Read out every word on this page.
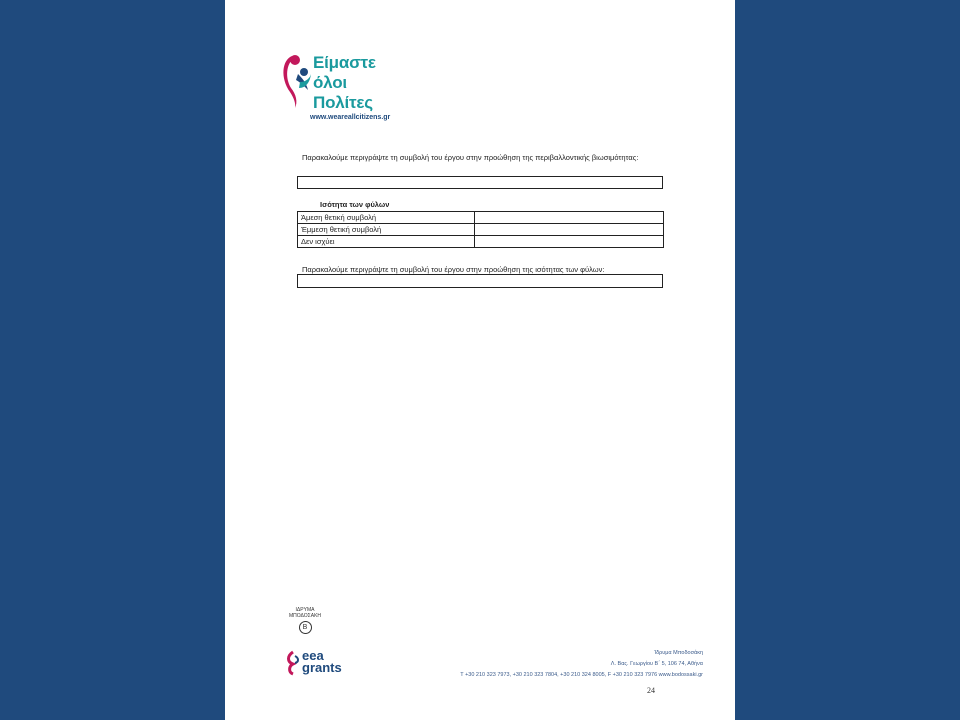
Είμαστε
όλοι
Πολίτες
www.weareallcitizens.gr
Παρακαλούμε περιγράψτε τη συμβολή του έργου στην προώθηση της περιβαλλοντικής βιωσιμότητας:
Ισότητα των φύλων
Άμεση θετική συμβολή	
Έμμεση θετική συμβολή	
Δεν ισχύει	
Παρακαλούμε περιγράψτε τη συμβολή του έργου στην προώθηση της ισότητας των φύλων:
ΙΔΡΥΜΑ
ΜΠΟΔΟΣΑΚΗ
Β
eea
grants
Ίδρυμα Μποδοσάκη
Λ. Βας. Γεωργίου Β΄ 5, 106 74, Αθήνα
T +30 210 323 7973, +30 210 323 7804, +30 210 324 8005, F +30 210 323 7976 www.bodossaki.gr
24
